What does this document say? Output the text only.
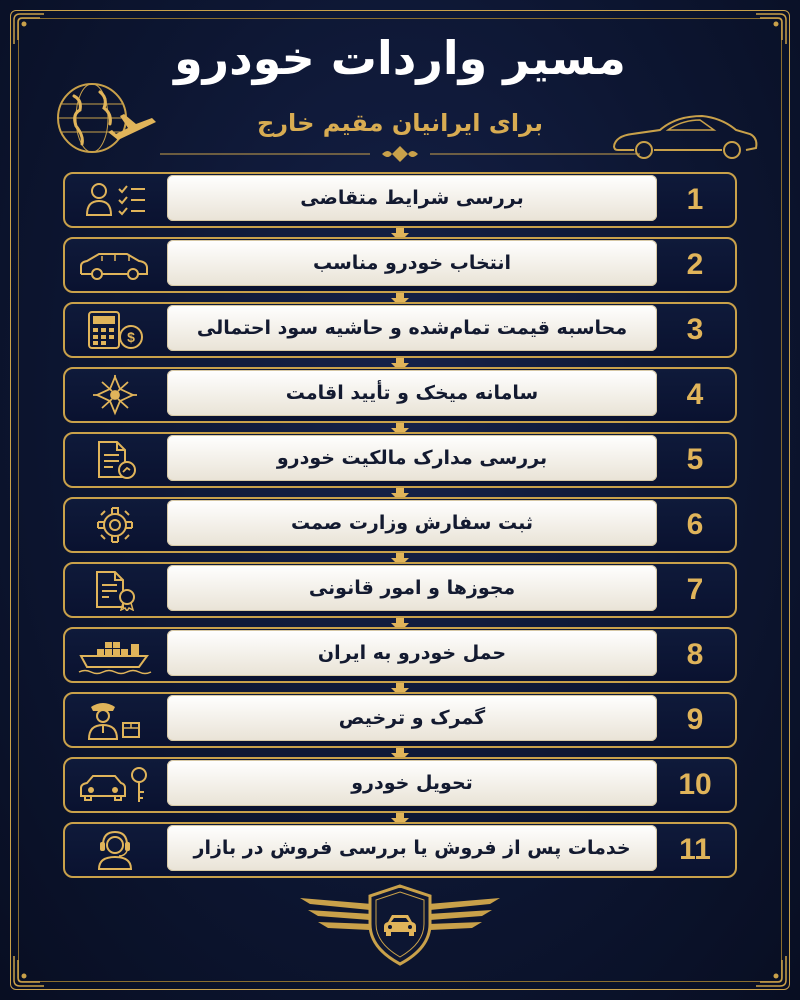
مسیر واردات خودرو
برای ایرانیان مقیم خارج
بررسی شرایط متقاضی	1
انتخاب خودرو مناسب	2
$	محاسبه قیمت تمام‌شده و حاشیه سود احتمالی	3
سامانه میخک و تأیید اقامت	4
بررسی مدارک مالکیت خودرو	5
ثبت سفارش وزارت صمت	6
مجوزها و امور قانونی	7
حمل خودرو به ایران	8
گمرک و ترخیص	9
تحویل خودرو	10
خدمات پس از فروش یا بررسی فروش در بازار	11
